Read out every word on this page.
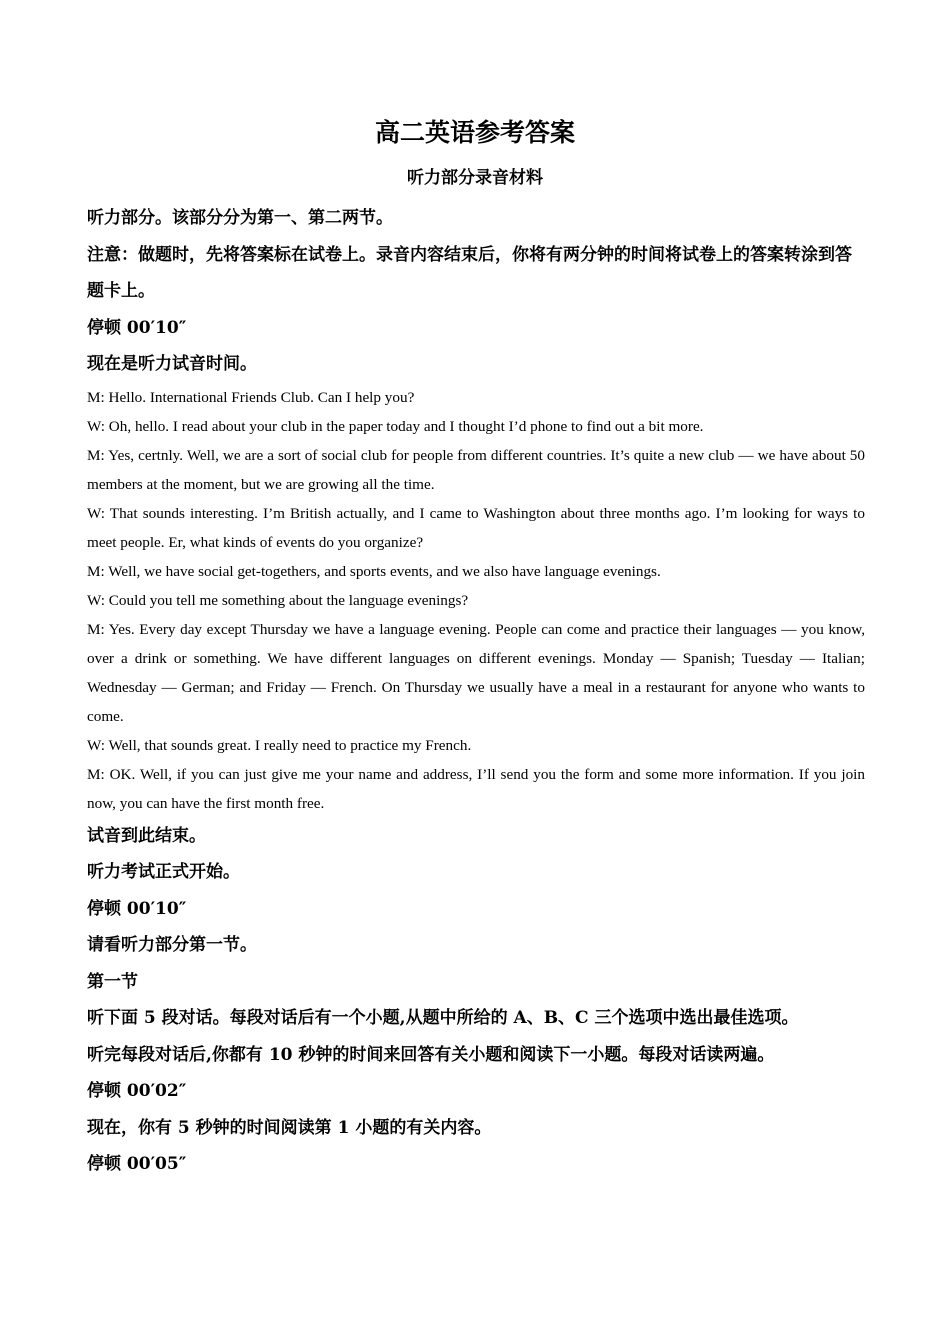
高二英语参考答案
听力部分录音材料

听力部分。该部分分为第一、第二两节。

注意：做题时，先将答案标在试卷上。录音内容结束后，你将有两分钟的时间将试卷上的答案转涂到答题卡上。

停顿 00′10″

现在是听力试音时间。

M: Hello. International Friends Club. Can I help you?

W: Oh, hello. I read about your club in the paper today and I thought I’d phone to find out a bit more.

M: Yes, certnly. Well, we are a sort of social club for people from different countries. It’s quite a new club — we have about 50 members at the moment, but we are growing all the time.

W: That sounds interesting. I’m British actually, and I came to Washington about three months ago. I’m looking for ways to meet people. Er, what kinds of events do you organize?

M: Well, we have social get-togethers, and sports events, and we also have language evenings.

W: Could you tell me something about the language evenings?

M: Yes. Every day except Thursday we have a language evening. People can come and practice their languages — you know, over a drink or something. We have different languages on different evenings. Monday — Spanish; Tuesday — Italian; Wednesday — German; and Friday — French. On Thursday we usually have a meal in a restaurant for anyone who wants to come.

W: Well, that sounds great. I really need to practice my French.

M: OK. Well, if you can just give me your name and address, I’ll send you the form and some more information. If you join now, you can have the first month free.

试音到此结束。

听力考试正式开始。

停顿 00′10″

请看听力部分第一节。

第一节

听下面 5 段对话。每段对话后有一个小题,从题中所给的 A、B、C 三个选项中选出最佳选项。

听完每段对话后,你都有 10 秒钟的时间来回答有关小题和阅读下一小题。每段对话读两遍。

停顿 00′02″

现在，你有 5 秒钟的时间阅读第 1 小题的有关内容。

停顿 00′05″
